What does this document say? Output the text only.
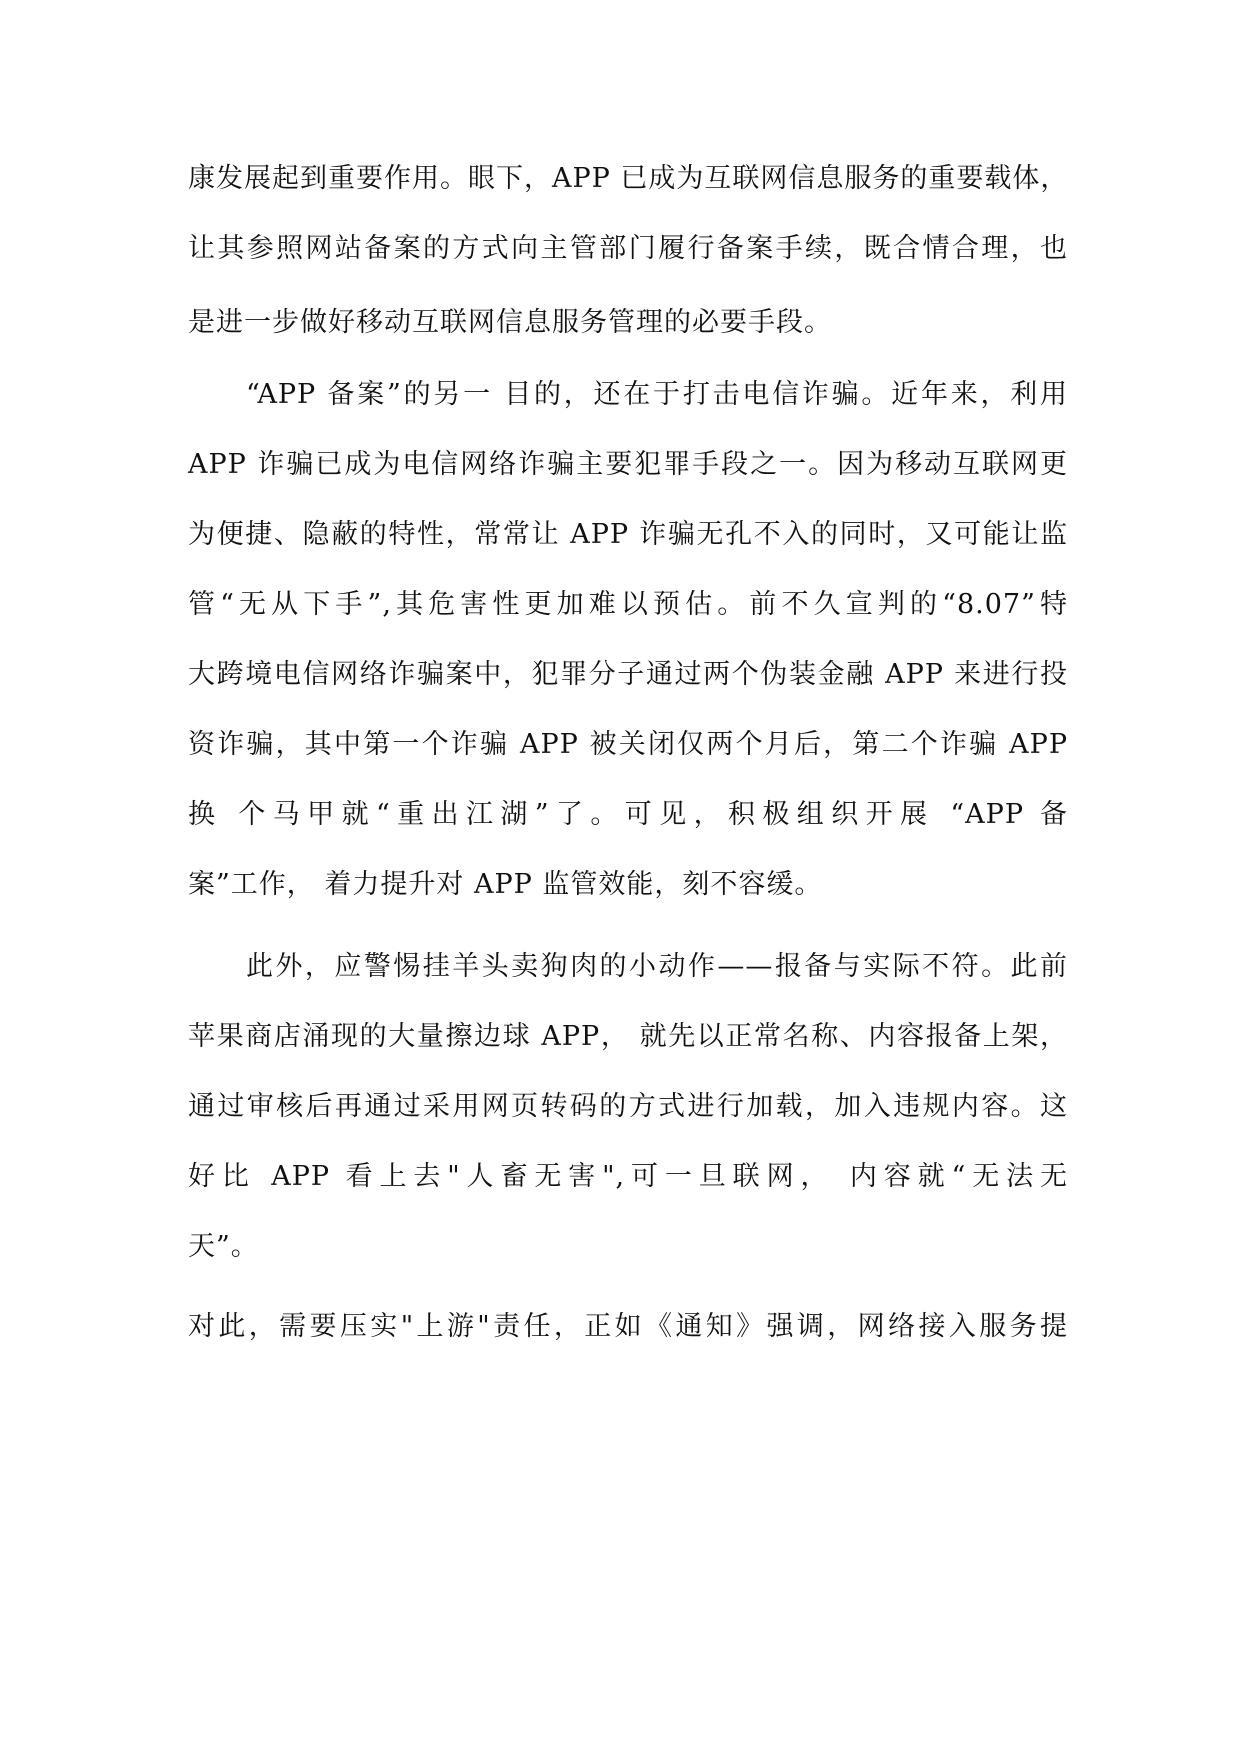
康发展起到重要作用。眼下，APP 已成为互联网信息服务的重要载体，
让其参照网站备案的方式向主管部门履行备案手续，既合情合理，也
是进一步做好移动互联网信息服务管理的必要手段。
“APP 备案”的另一 目的，还在于打击电信诈骗。近年来，利用
APP 诈骗已成为电信网络诈骗主要犯罪手段之一。因为移动互联网更
为便捷、隐蔽的特性，常常让 APP 诈骗无孔不入的同时，又可能让监
管“无从下手”,其危害性更加难以预估。前不久宣判的“8.07”特
大跨境电信网络诈骗案中，犯罪分子通过两个伪装金融 APP 来进行投
资诈骗，其中第一个诈骗 APP 被关闭仅两个月后，第二个诈骗 APP
换 个马甲就“重出江湖”了。可见，积极组织开展 “APP 备
案”工作， 着力提升对 APP 监管效能，刻不容缓。
此外，应警惕挂羊头卖狗肉的小动作——报备与实际不符。此前
苹果商店涌现的大量擦边球 APP， 就先以正常名称、内容报备上架，
通过审核后再通过采用网页转码的方式进行加载，加入违规内容。这
好比 APP 看上去"人畜无害",可一旦联网， 内容就“无法无
天”。
对此，需要压实"上游"责任，正如《通知》强调，网络接入服务提
